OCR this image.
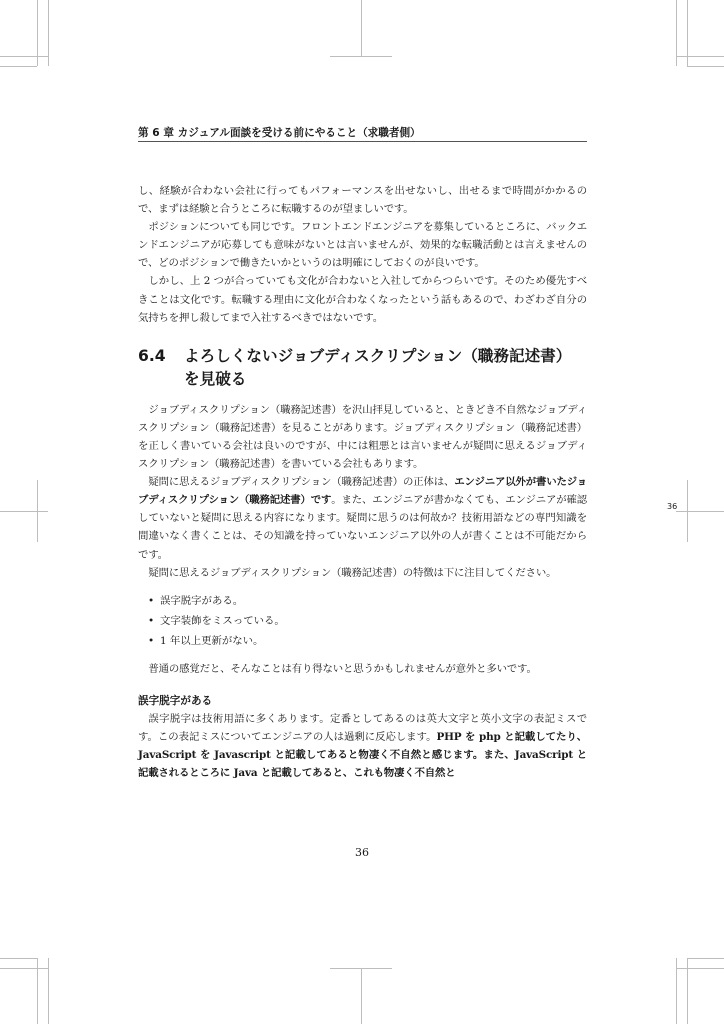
第 6 章 カジュアル面談を受ける前にやること（求職者側）

し、経験が合わない会社に行ってもパフォーマンスを出せないし、出せるまで時間がかかるので、まずは経験と合うところに転職するのが望ましいです。

ポジションについても同じです。フロントエンドエンジニアを募集しているところに、バックエンドエンジニアが応募しても意味がないとは言いませんが、効果的な転職活動とは言えませんので、どのポジションで働きたいかというのは明確にしておくのが良いです。

しかし、上 2 つが合っていても文化が合わないと入社してからつらいです。そのため優先すべきことは文化です。転職する理由に文化が合わなくなったという話もあるので、わざわざ自分の気持ちを押し殺してまで入社するべきではないです。

6.4 よろしくないジョブディスクリプション（職務記述書）
を見破る

ジョブディスクリプション（職務記述書）を沢山拝見していると、ときどき不自然なジョブディスクリプション（職務記述書）を見ることがあります。ジョブディスクリプション（職務記述書）を正しく書いている会社は良いのですが、中には粗悪とは言いませんが疑問に思えるジョブディスクリプション（職務記述書）を書いている会社もあります。

疑問に思えるジョブディスクリプション（職務記述書）の正体は、エンジニア以外が書いたジョブディスクリプション（職務記述書）です。また、エンジニアが書かなくても、エンジニアが確認していないと疑問に思える内容になります。疑問に思うのは何故か？技術用語などの専門知識を間違いなく書くことは、その知識を持っていないエンジニア以外の人が書くことは不可能だからです。

疑問に思えるジョブディスクリプション（職務記述書）の特徴は下に注目してください。

• 誤字脱字がある。
• 文字装飾をミスっている。
• 1 年以上更新がない。

普通の感覚だと、そんなことは有り得ないと思うかもしれませんが意外と多いです。

誤字脱字がある

誤字脱字は技術用語に多くあります。定番としてあるのは英大文字と英小文字の表記ミスです。この表記ミスについてエンジニアの人は過剰に反応します。PHP を php と記載してたり、JavaScript を Javascript と記載してあると物凄く不自然と感じます。また、JavaScript と記載されるところに Java と記載してあると、これも物凄く不自然と

36
36
